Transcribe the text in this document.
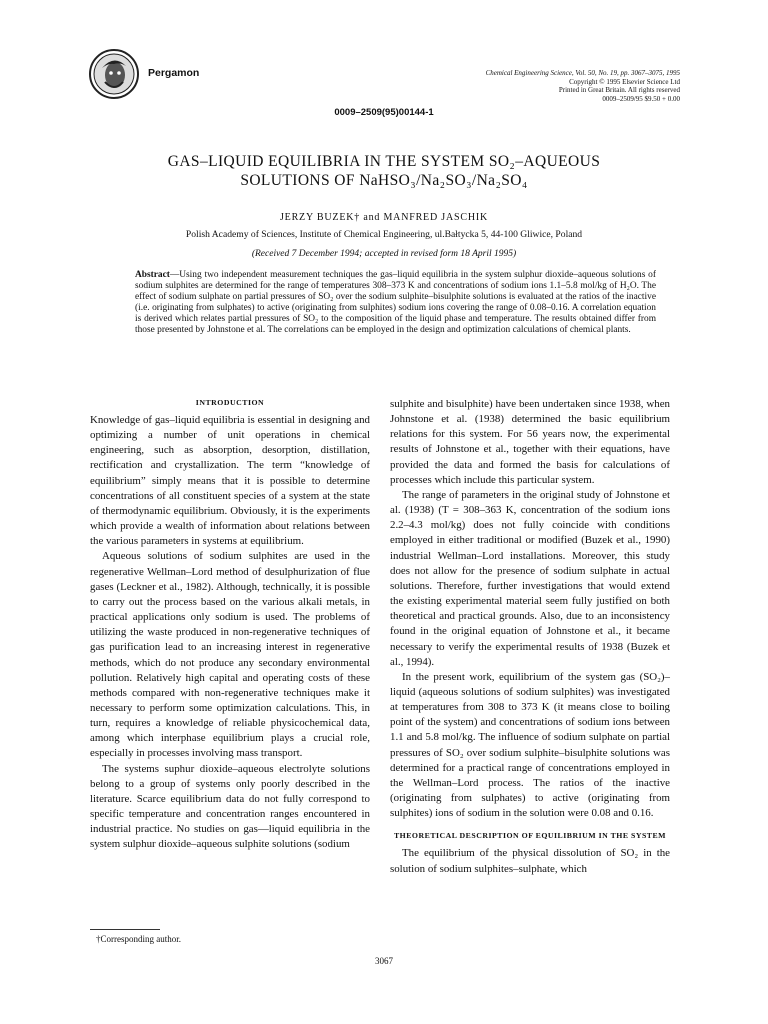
Pergamon	Chemical Engineering Science, Vol. 50, No. 19, pp. 3067–3075, 1995
Copyright © 1995 Elsevier Science Ltd
Printed in Great Britain. All rights reserved
0009–2509/95 $9.50 + 0.00
0009–2509(95)00144-1
GAS–LIQUID EQUILIBRIA IN THE SYSTEM SO₂–AQUEOUS
SOLUTIONS OF NaHSO₃/Na₂SO₃/Na₂SO₄
JERZY BUZEK† and MANFRED JASCHIK
Polish Academy of Sciences, Institute of Chemical Engineering, ul.Bałtycka 5, 44-100 Gliwice, Poland
(Received 7 December 1994; accepted in revised form 18 April 1995)
Abstract—Using two independent measurement techniques the gas–liquid equilibria in the system sulphur dioxide–aqueous solutions of sodium sulphites are determined for the range of temperatures 308–373 K and concentrations of sodium ions 1.1–5.8 mol/kg of H₂O. The effect of sodium sulphate on partial pressures of SO₂ over the sodium sulphite–bisulphite solutions is evaluated at the ratios of the inactive (i.e. originating from sulphates) to active (originating from sulphites) sodium ions covering the range of 0.08–0.16. A correlation equation is derived which relates partial pressures of SO₂ to the composition of the liquid phase and temperature. The results obtained differ from those presented by Johnstone et al. The correlations can be employed in the design and optimization calculations of chemical plants.
INTRODUCTION

Knowledge of gas–liquid equilibria is essential in designing and optimizing a number of unit operations in chemical engineering, such as absorption, desorption, distillation, rectification and crystallization. The term “knowledge of equilibrium” simply means that it is possible to determine concentrations of all constituent species of a system at the state of thermodynamic equilibrium. Obviously, it is the experiments which provide a wealth of information about relations between the various parameters in systems at equilibrium.

Aqueous solutions of sodium sulphites are used in the regenerative Wellman–Lord method of desulphurization of flue gases (Leckner et al., 1982). Although, technically, it is possible to carry out the process based on the various alkali metals, in practical applications only sodium is used. The problems of utilizing the waste produced in non-regenerative techniques of gas purification lead to an increasing interest in regenerative methods, which do not produce any secondary environmental pollution. Relatively high capital and operating costs of these methods compared with non-regenerative techniques make it necessary to perform some optimization calculations. This, in turn, requires a knowledge of reliable physicochemical data, among which interphase equilibrium plays a crucial role, especially in processes involving mass transport.

The systems suphur dioxide–aqueous electrolyte solutions belong to a group of systems only poorly described in the literature. Scarce equilibrium data do not fully correspond to specific temperature and concentration ranges encountered in industrial practice. No studies on gas—liquid equilibria in the system sulphur dioxide–aqueous sulphite solutions (sodium

sulphite and bisulphite) have been undertaken since 1938, when Johnstone et al. (1938) determined the basic equilibrium relations for this system. For 56 years now, the experimental results of Johnstone et al., together with their equations, have provided the data and formed the basis for calculations of processes which include this particular system.

The range of parameters in the original study of Johnstone et al. (1938) (T = 308–363 K, concentration of the sodium ions 2.2–4.3 mol/kg) does not fully coincide with conditions employed in either traditional or modified (Buzek et al., 1990) industrial Wellman–Lord installations. Moreover, this study does not allow for the presence of sodium sulphate in actual solutions. Therefore, further investigations that would extend the existing experimental material seem fully justified on both theoretical and practical grounds. Also, due to an inconsistency found in the original equation of Johnstone et al., it became necessary to verify the experimental results of 1938 (Buzek et al., 1994).

In the present work, equilibrium of the system gas (SO₂)–liquid (aqueous solutions of sodium sulphites) was investigated at temperatures from 308 to 373 K (it means close to boiling point of the system) and concentrations of sodium ions between 1.1 and 5.8 mol/kg. The influence of sodium sulphate on partial pressures of SO₂ over sodium sulphite–bisulphite solutions was determined for a practical range of concentrations employed in the Wellman–Lord process. The ratios of the inactive (originating from sulphates) to active (originating from sulphites) ions of sodium in the solution were 0.08 and 0.16.

THEORETICAL DESCRIPTION OF EQUILIBRIUM IN THE SYSTEM

The equilibrium of the physical dissolution of SO₂ in the solution of sodium sulphites–sulphate, which

†Corresponding author.
3067
